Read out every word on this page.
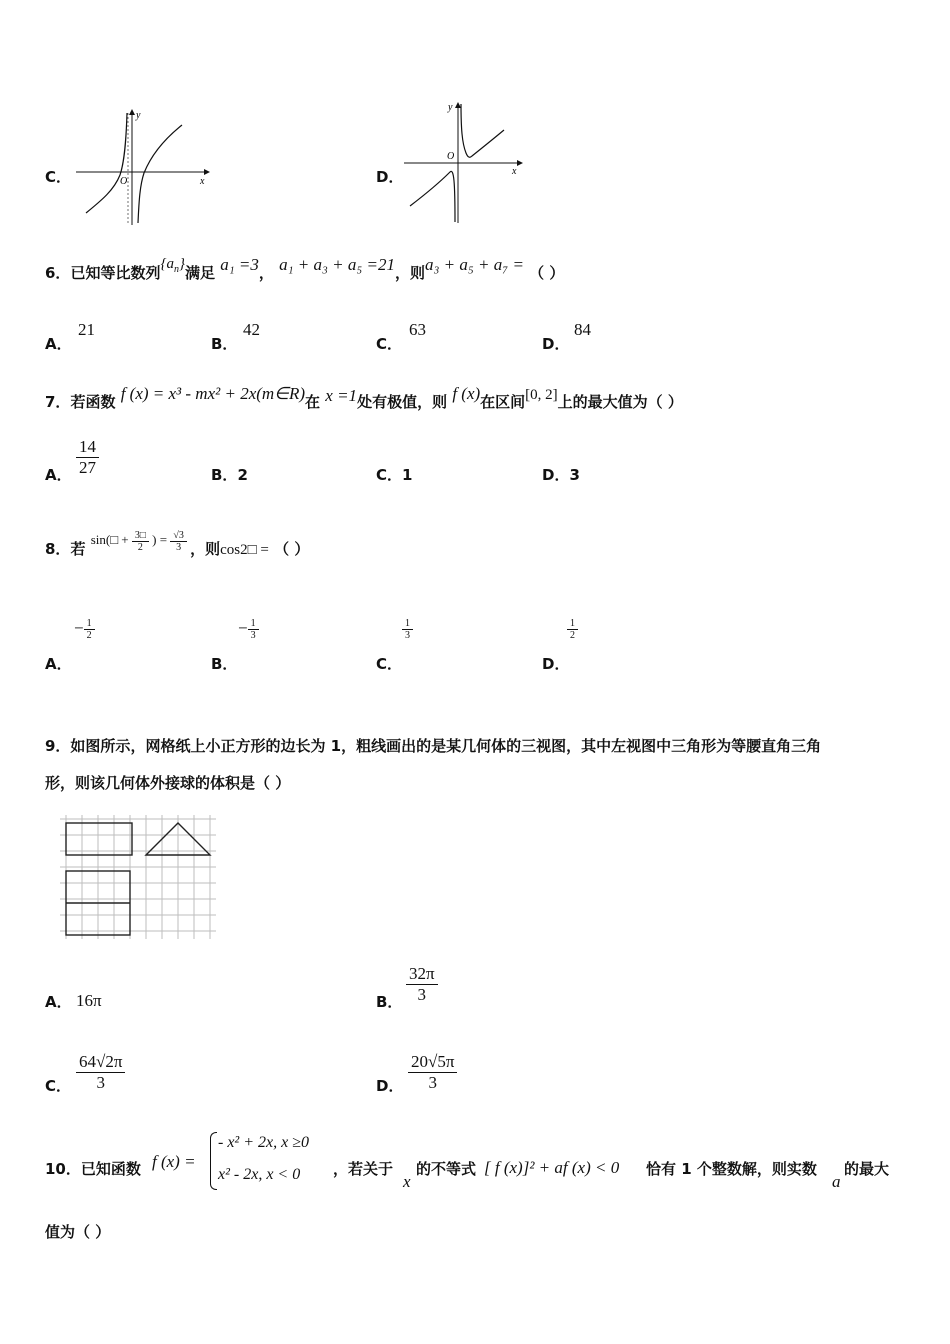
C．	x
y
O	D．	x
y
O
6．已知等比数列$\{a_n\}$满足 a₁ =3， a₁ + a₃ + a₅ =21，则a₃ + a₅ + a₇ = （ ）
A．
21
B．
42
C．
63
D．
84
7．若函数 f (x) = x³ - mx² + 2x(m∈R)在 x =1处有极值，则 f (x)在区间[0, 2]上的最大值为（ ）
A． $\frac{14}{27}$	B．2	C．1	D．3
8．若 sin(□ + $\frac{3□}{2}$ ) = $\frac{√3}{3}$ ，则cos2□ = （ ）
A．
− $\frac{1}{2}$
B．
− $\frac{1}{3}$
C．
$\frac{1}{3}$
D．
$\frac{1}{2}$
9．如图所示，网格纸上小正方形的边长为 1，粗线画出的是某几何体的三视图，其中左视图中三角形为等腰直角三角
形，则该几何体外接球的体积是（ ）
A． 16π	B． $\frac{32\pi}{3}$
C． $\frac{64√2\pi}{3}$	D． $\frac{20√5\pi}{3}$
10．已知函数 f (x) =
- x² + 2x, x ≥0
x² - 2x, x < 0 ，若关于
x
的不等式 [ f (x)]² + af (x) < 0 恰有 1 个整数解，则实数
a
的最大
值为（ ）
